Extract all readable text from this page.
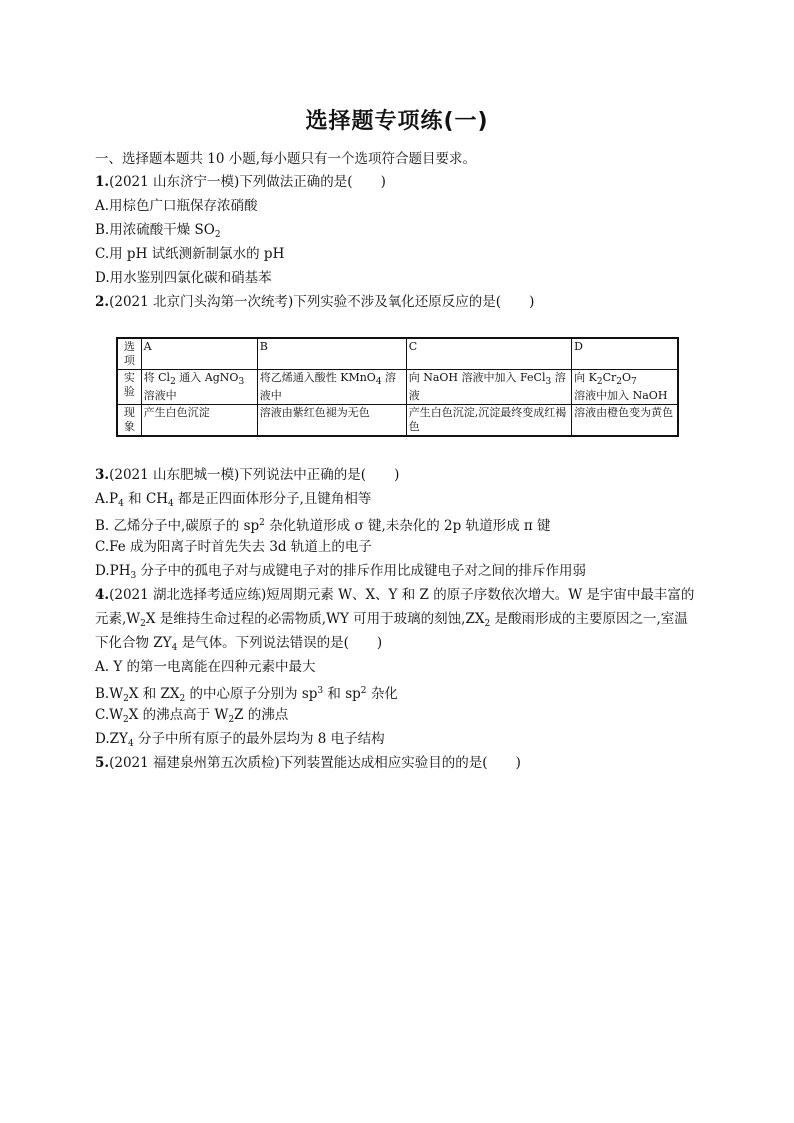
选择题专项练(一)
一、选择题本题共 10 小题,每小题只有一个选项符合题目要求。
1.(2021 山东济宁一模)下列做法正确的是( )
A.用棕色广口瓶保存浓硝酸
B.用浓硫酸干燥 $SO_2$
C.用 pH 试纸测新制氯水的 pH
D.用水鉴别四氯化碳和硝基苯
2.(2021 北京门头沟第一次统考)下列实验不涉及氧化还原反应的是( )
选项	A	B	C	D
实验	将 $Cl_2$ 通入 AgNO$_3$ 溶液中	将乙烯通入酸性 KMnO$_4$ 溶液中	向 NaOH 溶液中加入 FeCl$_3$ 溶液	向 $K_2Cr_2O_7$
溶液中加入 NaOH
现象	产生白色沉淀	溶液由紫红色褪为无色	产生白色沉淀,沉淀最终变成红褐色	溶液由橙色变为黄色
3.(2021 山东肥城一模)下列说法中正确的是( )
$A.P_4$ 和 $CH_4$ 都是正四面体形分子,且键角相等
B. 乙烯分子中,碳原子的 $sp^2$ 杂化轨道形成 σ 键,未杂化的 2p 轨道形成 π 键
C.Fe 成为阳离子时首先失去 3d 轨道上的电子
$D.PH_3$ 分子中的孤电子对与成键电子对的排斥作用比成键电子对之间的排斥作用弱
4.(2021 湖北选择考适应练)短周期元素 W、X、Y 和 Z 的原子序数依次增大。W 是宇宙中最丰富的
元素$,W_2X$ 是维持生命过程的必需物质,WY 可用于玻璃的刻蚀$,ZX_2$ 是酸雨形成的主要原因之一,室温
下化合物 $ZY_4$ 是气体。下列说法错误的是( )
A. Y 的第一电离能在四种元素中最大
$B.W_2X$ 和 $ZX_2$ 的中心原子分别为 $sp^3$ 和 $sp^2$ 杂化
$C.W_2X$ 的沸点高于 $W_2Z$ 的沸点
$D.ZY_4$ 分子中所有原子的最外层均为 8 电子结构
5.(2021 福建泉州第五次质检)下列装置能达成相应实验目的的是( )
